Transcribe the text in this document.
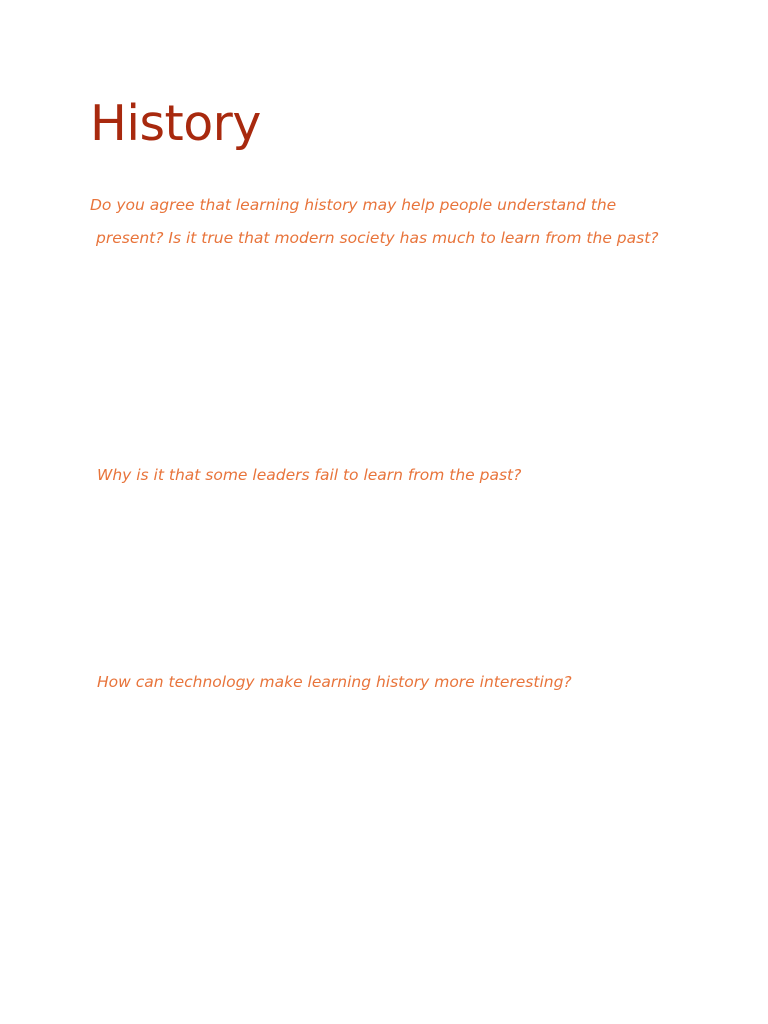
History

Do you agree that learning history may help people understand the
present? Is it true that modern society has much to learn from the past?

Why is it that some leaders fail to learn from the past?

How can technology make learning history more interesting?
